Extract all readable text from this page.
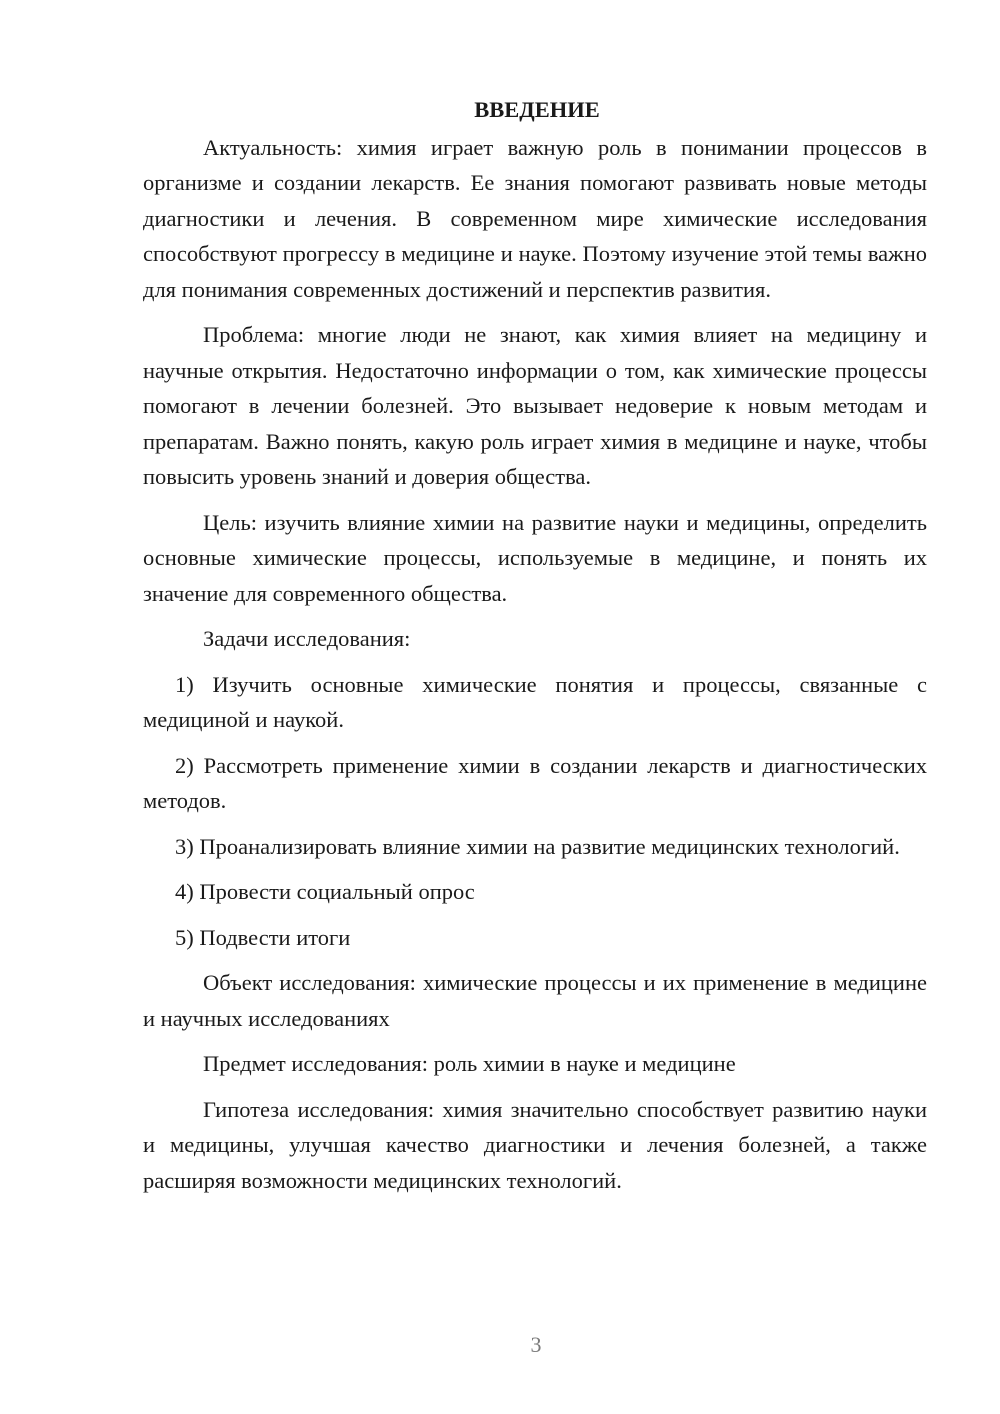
ВВЕДЕНИЕ

Актуальность: химия играет важную роль в понимании процессов в организме и создании лекарств. Ее знания помогают развивать новые методы диагностики и лечения. В современном мире химические исследования способствуют прогрессу в медицине и науке. Поэтому изучение этой темы важно для понимания современных достижений и перспектив развития.

Проблема: многие люди не знают, как химия влияет на медицину и научные открытия. Недостаточно информации о том, как химические процессы помогают в лечении болезней. Это вызывает недоверие к новым методам и препаратам. Важно понять, какую роль играет химия в медицине и науке, чтобы повысить уровень знаний и доверия общества.

Цель: изучить влияние химии на развитие науки и медицины, определить основные химические процессы, используемые в медицине, и понять их значение для современного общества.

Задачи исследования:

1) Изучить основные химические понятия и процессы, связанные с медициной и наукой.

2) Рассмотреть применение химии в создании лекарств и диагностических методов.

3) Проанализировать влияние химии на развитие медицинских технологий.

4) Провести социальный опрос

5) Подвести итоги

Объект исследования: химические процессы и их применение в медицине и научных исследованиях

Предмет исследования: роль химии в науке и медицине

Гипотеза исследования: химия значительно способствует развитию науки и медицины, улучшая качество диагностики и лечения болезней, а также расширяя возможности медицинских технологий.

3
